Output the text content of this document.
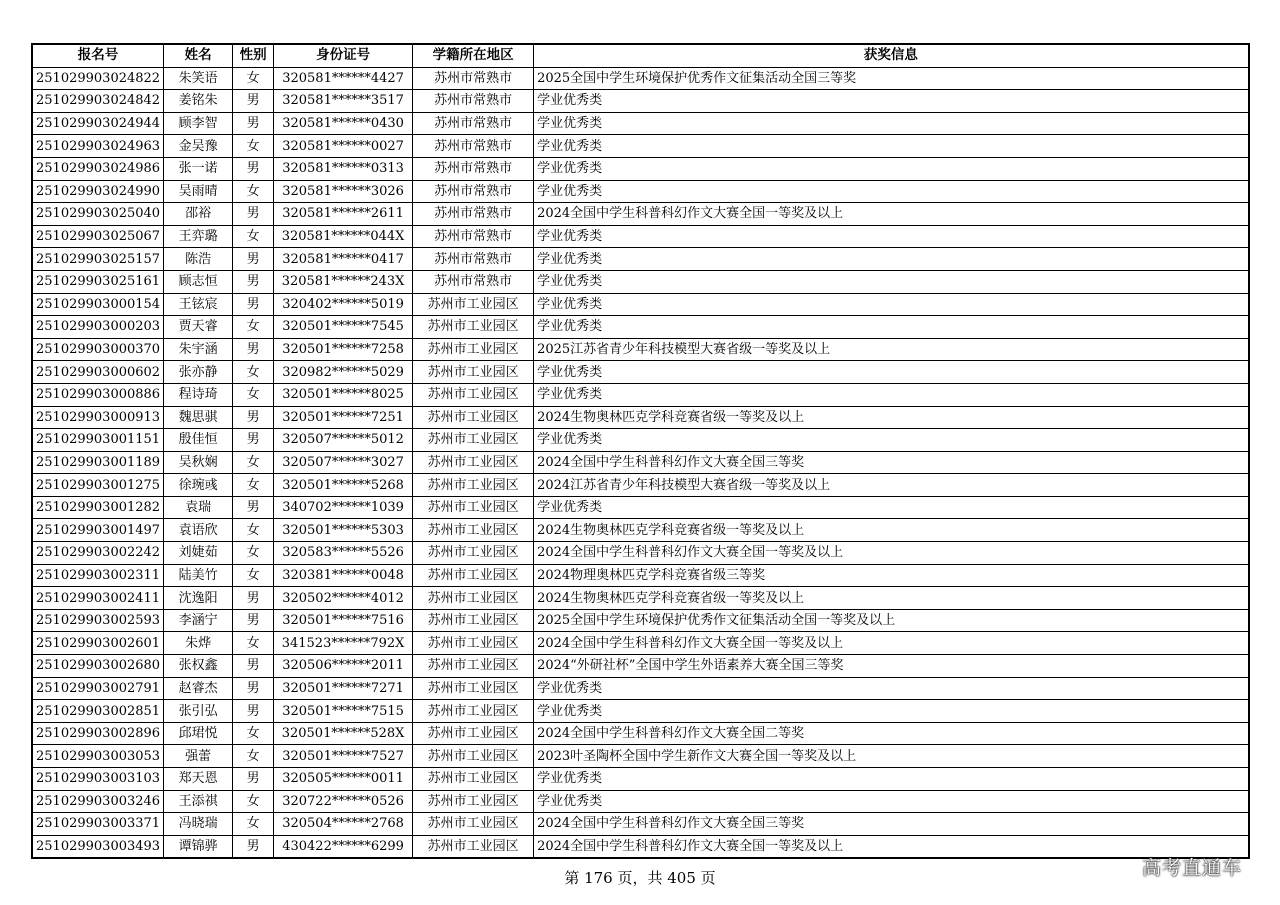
报名号	姓名	性别	身份证号	学籍所在地区	获奖信息
251029903024822	朱笑语	女	320581******4427	苏州市常熟市	2025全国中学生环境保护优秀作文征集活动全国三等奖
251029903024842	姜铭朱	男	320581******3517	苏州市常熟市	学业优秀类
251029903024944	顾李智	男	320581******0430	苏州市常熟市	学业优秀类
251029903024963	金吴豫	女	320581******0027	苏州市常熟市	学业优秀类
251029903024986	张一诺	男	320581******0313	苏州市常熟市	学业优秀类
251029903024990	吴雨晴	女	320581******3026	苏州市常熟市	学业优秀类
251029903025040	邵裕	男	320581******2611	苏州市常熟市	2024全国中学生科普科幻作文大赛全国一等奖及以上
251029903025067	王弈璐	女	320581******044X	苏州市常熟市	学业优秀类
251029903025157	陈浩	男	320581******0417	苏州市常熟市	学业优秀类
251029903025161	顾志恒	男	320581******243X	苏州市常熟市	学业优秀类
251029903000154	王铉宸	男	320402******5019	苏州市工业园区	学业优秀类
251029903000203	贾天睿	女	320501******7545	苏州市工业园区	学业优秀类
251029903000370	朱宇涵	男	320501******7258	苏州市工业园区	2025江苏省青少年科技模型大赛省级一等奖及以上
251029903000602	张亦静	女	320982******5029	苏州市工业园区	学业优秀类
251029903000886	程诗琦	女	320501******8025	苏州市工业园区	学业优秀类
251029903000913	魏思骐	男	320501******7251	苏州市工业园区	2024生物奥林匹克学科竞赛省级一等奖及以上
251029903001151	殷佳恒	男	320507******5012	苏州市工业园区	学业优秀类
251029903001189	吴秋娴	女	320507******3027	苏州市工业园区	2024全国中学生科普科幻作文大赛全国三等奖
251029903001275	徐琬彧	女	320501******5268	苏州市工业园区	2024江苏省青少年科技模型大赛省级一等奖及以上
251029903001282	袁瑞	男	340702******1039	苏州市工业园区	学业优秀类
251029903001497	袁语欣	女	320501******5303	苏州市工业园区	2024生物奥林匹克学科竞赛省级一等奖及以上
251029903002242	刘婕茹	女	320583******5526	苏州市工业园区	2024全国中学生科普科幻作文大赛全国一等奖及以上
251029903002311	陆美竹	女	320381******0048	苏州市工业园区	2024物理奥林匹克学科竞赛省级三等奖
251029903002411	沈逸阳	男	320502******4012	苏州市工业园区	2024生物奥林匹克学科竞赛省级一等奖及以上
251029903002593	李涵宁	男	320501******7516	苏州市工业园区	2025全国中学生环境保护优秀作文征集活动全国一等奖及以上
251029903002601	朱烨	女	341523******792X	苏州市工业园区	2024全国中学生科普科幻作文大赛全国一等奖及以上
251029903002680	张权鑫	男	320506******2011	苏州市工业园区	2024“外研社杯”全国中学生外语素养大赛全国三等奖
251029903002791	赵睿杰	男	320501******7271	苏州市工业园区	学业优秀类
251029903002851	张引弘	男	320501******7515	苏州市工业园区	学业优秀类
251029903002896	邱珺悦	女	320501******528X	苏州市工业园区	2024全国中学生科普科幻作文大赛全国二等奖
251029903003053	强蕾	女	320501******7527	苏州市工业园区	2023叶圣陶杯全国中学生新作文大赛全国一等奖及以上
251029903003103	郑天恩	男	320505******0011	苏州市工业园区	学业优秀类
251029903003246	王添祺	女	320722******0526	苏州市工业园区	学业优秀类
251029903003371	冯晓瑞	女	320504******2768	苏州市工业园区	2024全国中学生科普科幻作文大赛全国三等奖
251029903003493	谭锦骅	男	430422******6299	苏州市工业园区	2024全国中学生科普科幻作文大赛全国一等奖及以上
第 176 页，共 405 页	高考直通车
